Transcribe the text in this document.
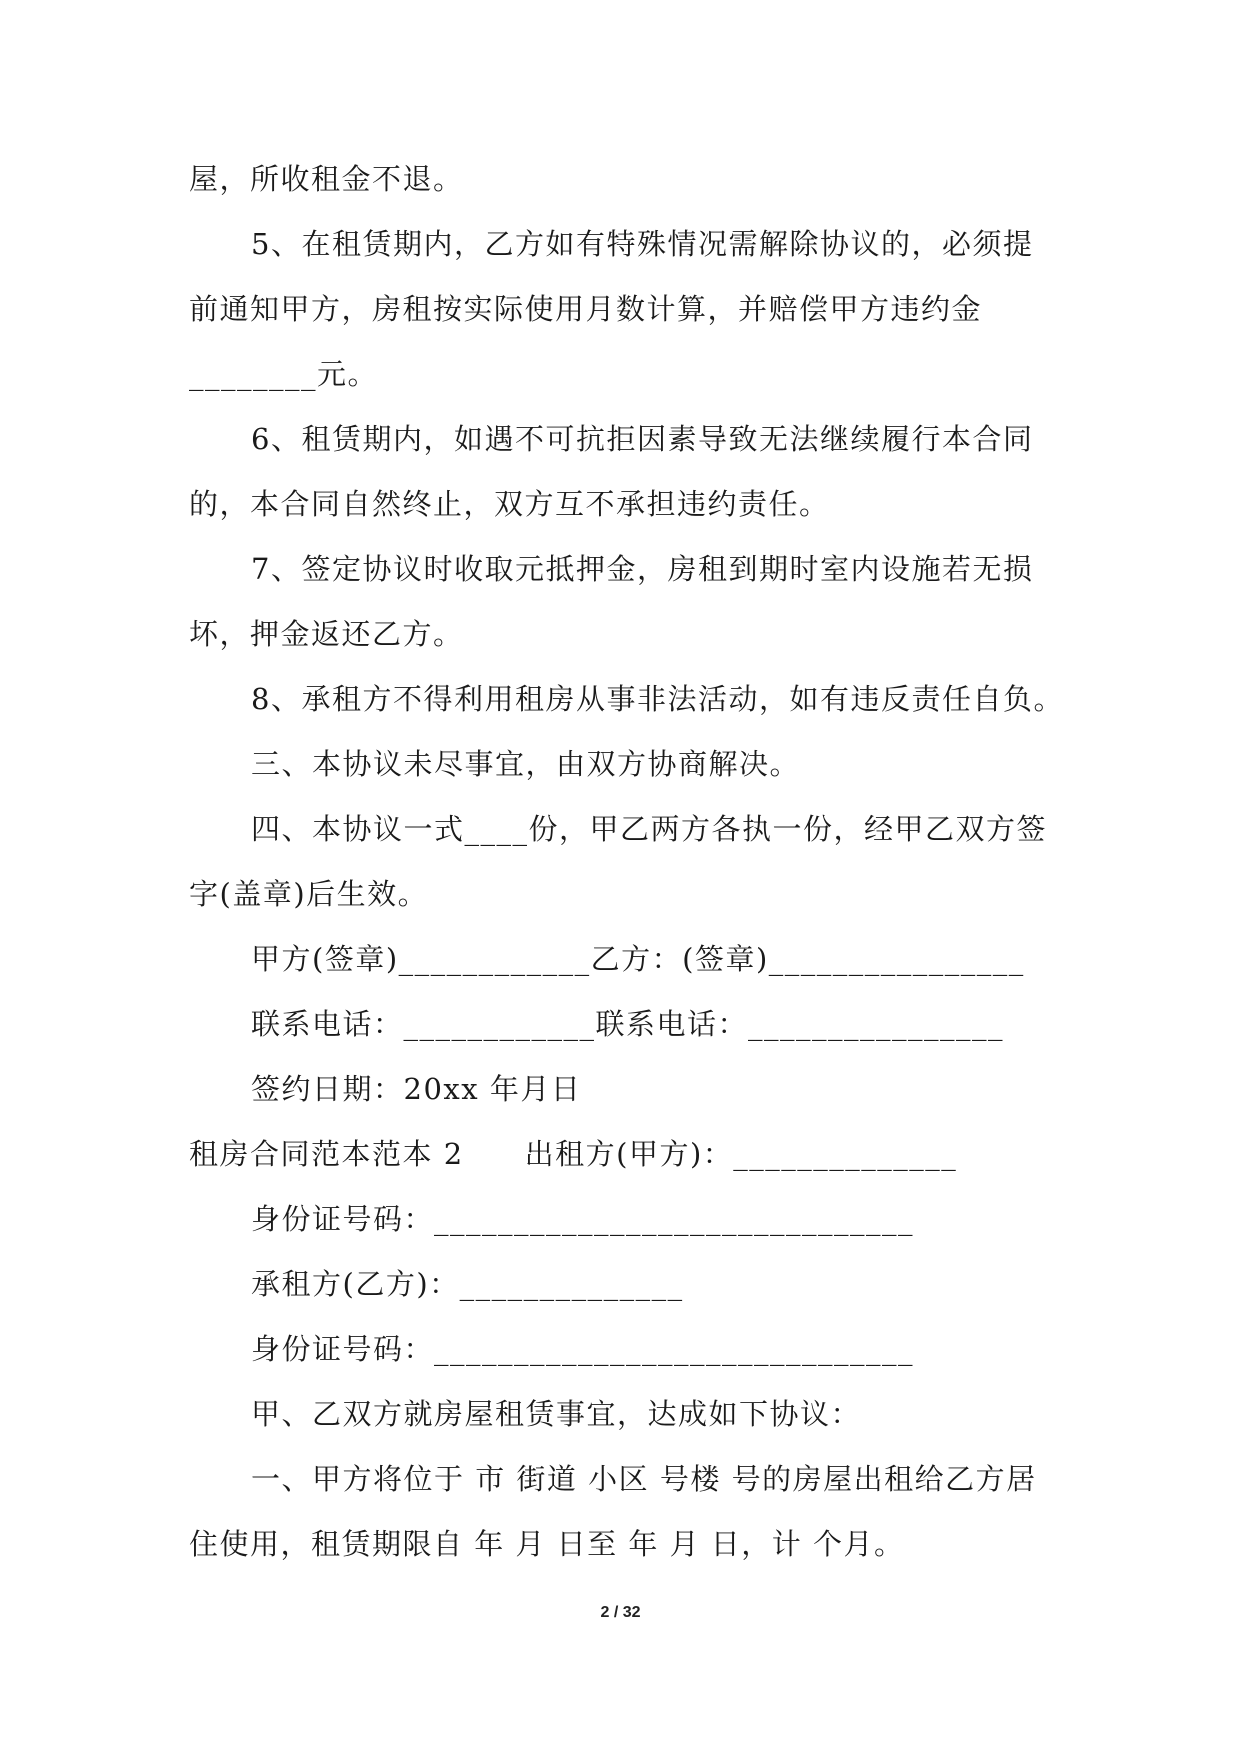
屋，所收租金不退。
5、在租赁期内，乙方如有特殊情况需解除协议的，必须提
前通知甲方，房租按实际使用月数计算，并赔偿甲方违约金
________元。
6、租赁期内，如遇不可抗拒因素导致无法继续履行本合同
的，本合同自然终止，双方互不承担违约责任。
7、签定协议时收取元抵押金，房租到期时室内设施若无损
坏，押金返还乙方。
8、承租方不得利用租房从事非法活动，如有违反责任自负。
三、本协议未尽事宜，由双方协商解决。
四、本协议一式____份，甲乙两方各执一份，经甲乙双方签
字(盖章)后生效。
甲方(签章)____________乙方：(签章)________________
联系电话：____________联系电话：________________
签约日期：20xx 年月日
租房合同范本范本 2　　出租方(甲方)：______________
身份证号码：______________________________
承租方(乙方)：______________
身份证号码：______________________________
甲、乙双方就房屋租赁事宜，达成如下协议：
一、甲方将位于 市 街道 小区 号楼 号的房屋出租给乙方居
住使用，租赁期限自 年 月 日至 年 月 日，计 个月。
2 / 32
